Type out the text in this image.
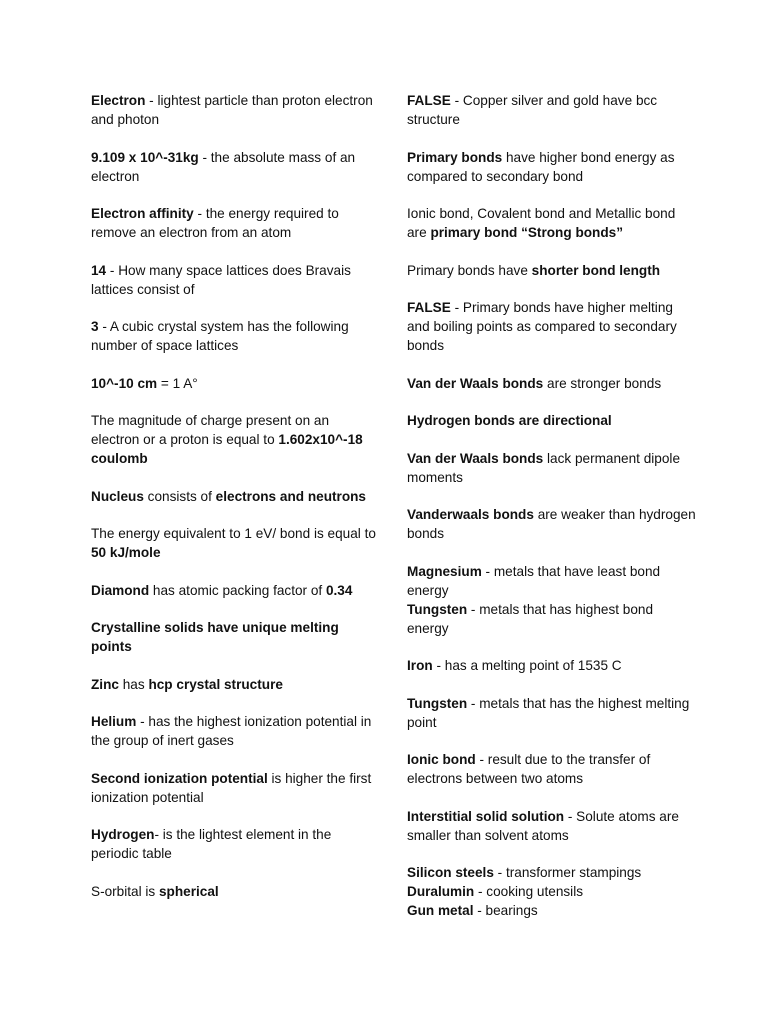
Electron - lightest particle than proton electron and photon
9.109 x 10^-31kg - the absolute mass of an electron
Electron affinity - the energy required to remove an electron from an atom
14 - How many space lattices does Bravais lattices consist of
3 - A cubic crystal system has the following number of space lattices
10^-10 cm = 1 A°
The magnitude of charge present on an electron or a proton is equal to 1.602x10^-18 coulomb
Nucleus consists of electrons and neutrons
The energy equivalent to 1 eV/ bond is equal to 50 kJ/mole
Diamond has atomic packing factor of 0.34
Crystalline solids have unique melting points
Zinc has hcp crystal structure
Helium - has the highest ionization potential in the group of inert gases
Second ionization potential is higher the first ionization potential
Hydrogen- is the lightest element in the periodic table
S-orbital is spherical
FALSE - Copper silver and gold have bcc structure
Primary bonds have higher bond energy as compared to secondary bond
Ionic bond, Covalent bond and Metallic bond are primary bond “Strong bonds”
Primary bonds have shorter bond length
FALSE - Primary bonds have higher melting and boiling points as compared to secondary bonds
Van der Waals bonds are stronger bonds
Hydrogen bonds are directional
Van der Waals bonds lack permanent dipole moments
Vanderwaals bonds are weaker than hydrogen bonds
Magnesium - metals that have least bond energy
Tungsten - metals that has highest bond energy
Iron - has a melting point of 1535 C
Tungsten - metals that has the highest melting point
Ionic bond - result due to the transfer of electrons between two atoms
Interstitial solid solution - Solute atoms are smaller than solvent atoms
Silicon steels - transformer stampings
Duralumin - cooking utensils
Gun metal - bearings
